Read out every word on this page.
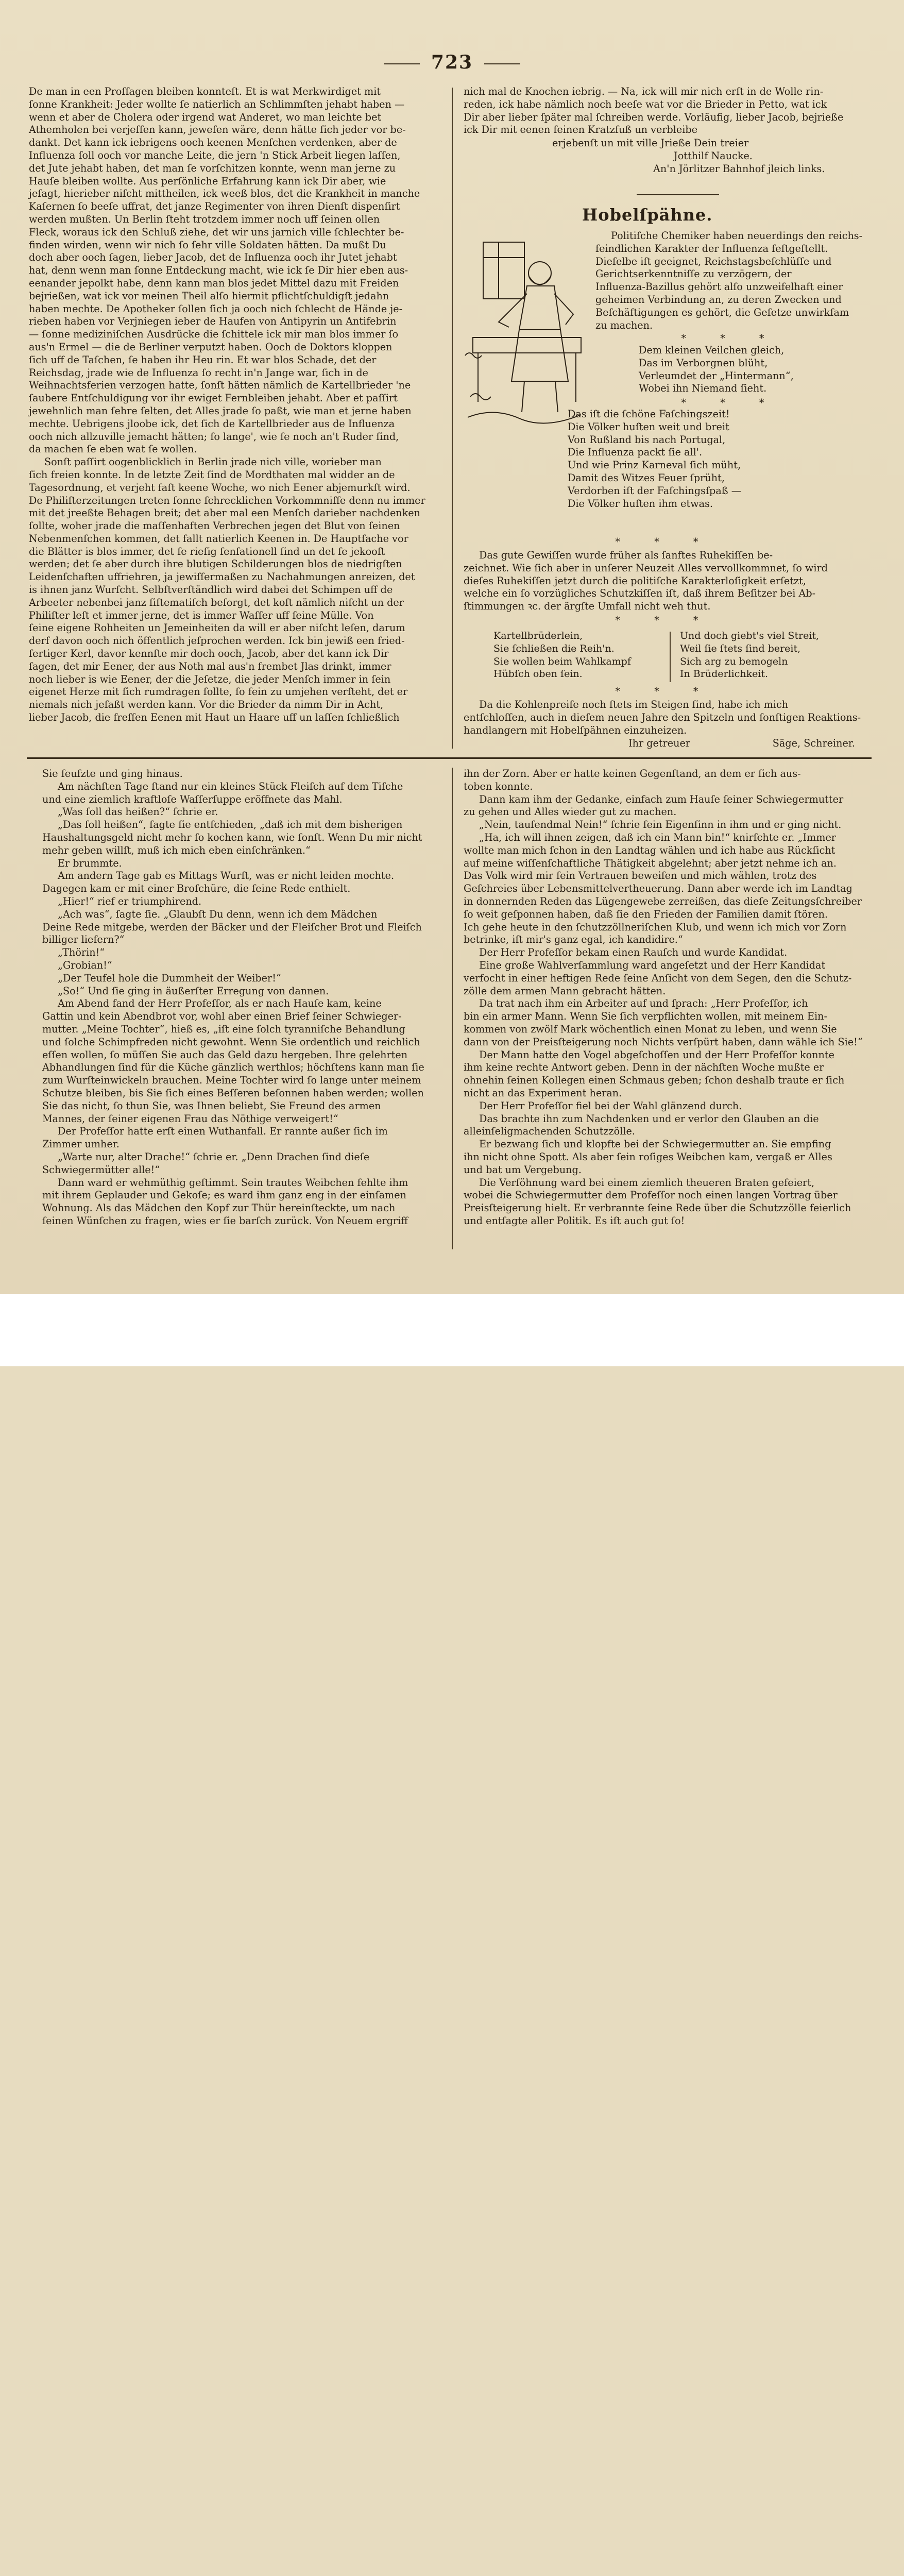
723
De man in een Proſſagen bleiben konnteſt. Et is wat Merkwirdiget mit
ſonne Krankheit: Jeder wollte ſe natierlich an Schlimmſten jehabt haben —
wenn et aber de Cholera oder irgend wat Anderet, wo man leichte bet
Athemholen bei verjeſſen kann, jeweſen wäre, denn hätte ſich jeder vor be-
dankt. Det kann ick iebrigens ooch keenen Menſchen verdenken, aber de
Influenza ſoll ooch vor manche Leite, die jern 'n Stick Arbeit liegen laſſen,
det Jute jehabt haben, det man ſe vorſchitzen konnte, wenn man jerne zu
Hauſe bleiben wollte. Aus perſönliche Erfahrung kann ick Dir aber, wie
jeſagt, hierieber niſcht mittheilen, ick weeß blos, det die Krankheit in manche
Kaſernen ſo beeſe uffrat, det janze Regimenter von ihren Dienſt dispenſirt
werden mußten. Un Berlin ſteht trotzdem immer noch uff ſeinen ollen
Fleck, woraus ick den Schluß ziehe, det wir uns jarnich ville ſchlechter be-
finden wirden, wenn wir nich ſo ſehr ville Soldaten hätten. Da mußt Du
doch aber ooch ſagen, lieber Jacob, det de Influenza ooch ihr Jutet jehabt
hat, denn wenn man ſonne Entdeckung macht, wie ick ſe Dir hier eben aus-
eenander jepolkt habe, denn kann man blos jedet Mittel dazu mit Freiden
bejrießen, wat ick vor meinen Theil alſo hiermit pflichtſchuldigſt jedahn
haben mechte. De Apotheker ſollen ſich ja ooch nich ſchlecht de Hände je-
rieben haben vor Verjniegen ieber de Haufen von Antipyrin un Antifebrin
— ſonne mediziniſchen Ausdrücke die ſchittele ick mir man blos immer ſo
aus'n Ermel — die de Berliner verputzt haben. Ooch de Doktors kloppen
ſich uff de Taſchen, ſe haben ihr Heu rin. Et war blos Schade, det der
Reichsdag, jrade wie de Influenza ſo recht in'n Jange war, ſich in de
Weihnachtsferien verzogen hatte, ſonſt hätten nämlich de Kartellbrieder 'ne
ſaubere Entſchuldigung vor ihr ewiget Fernbleiben jehabt. Aber et paſſirt
jewehnlich man ſehre ſelten, det Alles jrade ſo paßt, wie man et jerne haben
mechte. Uebrigens jloobe ick, det ſich de Kartellbrieder aus de Influenza
ooch nich allzuville jemacht hätten; ſo lange', wie ſe noch an't Ruder ſind,
da machen ſe eben wat ſe wollen.
Sonſt paſſirt oogenblicklich in Berlin jrade nich ville, worieber man
ſich freien konnte. In de letzte Zeit ſind de Mordthaten mal widder an de
Tagesordnung, et verjeht faſt keene Woche, wo nich Eener abjemurkſt wird.
De Philiſterzeitungen treten ſonne ſchrecklichen Vorkommniſſe denn nu immer
mit det jreeßte Behagen breit; det aber mal een Menſch darieber nachdenken
ſollte, woher jrade die maſſenhaften Verbrechen jegen det Blut von ſeinen
Nebenmenſchen kommen, det fallt natierlich Keenen in. De Hauptſache vor
die Blätter is blos immer, det ſe rieſig ſenſationell ſind un det ſe jekooft
werden; det ſe aber durch ihre blutigen Schilderungen blos de niedrigſten
Leidenſchaften uffriehren, ja jewiſſermaßen zu Nachahmungen anreizen, det
is ihnen janz Wurſcht. Selbſtverſtändlich wird dabei det Schimpen uff de
Arbeeter nebenbei janz ſiſtematiſch beſorgt, det koſt nämlich niſcht un der
Philiſter leſt et immer jerne, det is immer Waſſer uff ſeine Mülle. Von
ſeine eigene Rohheiten un Jemeinheiten da will er aber niſcht leſen, darum
derf davon ooch nich öffentlich jeſprochen werden. Ick bin jewiß een fried-
fertiger Kerl, davor kennſte mir doch ooch, Jacob, aber det kann ick Dir
ſagen, det mir Eener, der aus Noth mal aus'n frembet Jlas drinkt, immer
noch lieber is wie Eener, der die Jeſetze, die jeder Menſch immer in ſein
eigenet Herze mit ſich rumdragen ſollte, ſo fein zu umjehen verſteht, det er
niemals nich jefaßt werden kann. Vor die Brieder da nimm Dir in Acht,
lieber Jacob, die freſſen Eenen mit Haut un Haare uff un laſſen ſchließlich
nich mal de Knochen iebrig. — Na, ick will mir nich erſt in de Wolle rin-
reden, ick habe nämlich noch beeſe wat vor die Brieder in Petto, wat ick
Dir aber lieber ſpäter mal ſchreiben werde. Vorläufig, lieber Jacob, bejrieße
ick Dir mit eenen feinen Kratzfuß un verbleibe
erjebenſt un mit ville Jrieße Dein treier
Jotthilf Naucke.
An'n Jörlitzer Bahnhof jleich links.
Hobelſpähne.
Politiſche Chemiker haben neuerdings den reichs-
feindlichen Karakter der Influenza feſtgeſtellt.
Dieſelbe iſt geeignet, Reichstagsbeſchlüſſe und
Gerichtserkenntniſſe zu verzögern, der
Influenza-Bazillus gehört alſo unzweifelhaft einer
geheimen Verbindung an, zu deren Zwecken und
Beſchäftigungen es gehört, die Geſetze unwirkſam
zu machen.
* * *
Dem kleinen Veilchen gleich,
Das im Verborgnen blüht,
Verleumdet der „Hintermann“,
Wobei ihn Niemand ſieht.
* * *
Das iſt die ſchöne Faſchingszeit!
Die Völker huſten weit und breit
Von Rußland bis nach Portugal,
Die Influenza packt ſie all'.
Und wie Prinz Karneval ſich müht,
Damit des Witzes Feuer ſprüht,
Verdorben iſt der Faſchingsſpaß —
Die Völker huſten ihm etwas.
* * *
Das gute Gewiſſen wurde früher als ſanftes Ruhekiſſen be-
zeichnet. Wie ſich aber in unſerer Neuzeit Alles vervollkommnet, ſo wird
dieſes Ruhekiſſen jetzt durch die politiſche Karakterloſigkeit erſetzt,
welche ein ſo vorzügliches Schutzkiſſen iſt, daß ihrem Beſitzer bei Ab-
ſtimmungen ꝛc. der ärgſte Umfall nicht weh thut.
* * *
Kartellbrüderlein,
Sie ſchließen die Reih'n.
Sie wollen beim Wahlkampf
Hübſch oben ſein.
Und doch giebt's viel Streit,
Weil ſie ſtets ſind bereit,
Sich arg zu bemogeln
In Brüderlichkeit.
* * *
Da die Kohlenpreiſe noch ſtets im Steigen ſind, habe ich mich
entſchloſſen, auch in dieſem neuen Jahre den Spitzeln und ſonſtigen Reaktions-
handlangern mit Hobelſpähnen einzuheizen.
Ihr getreuer	Säge, Schreiner.
Sie ſeufzte und ging hinaus.
Am nächſten Tage ſtand nur ein kleines Stück Fleiſch auf dem Tiſche
und eine ziemlich kraftloſe Waſſerſuppe eröffnete das Mahl.
„Was ſoll das heißen?“ ſchrie er.
„Das ſoll heißen“, ſagte ſie entſchieden, „daß ich mit dem bisherigen
Haushaltungsgeld nicht mehr ſo kochen kann, wie ſonſt. Wenn Du mir nicht
mehr geben willſt, muß ich mich eben einſchränken.“
Er brummte.
Am andern Tage gab es Mittags Wurſt, was er nicht leiden mochte.
Dagegen kam er mit einer Broſchüre, die ſeine Rede enthielt.
„Hier!“ rief er triumphirend.
„Ach was“, ſagte ſie. „Glaubſt Du denn, wenn ich dem Mädchen
Deine Rede mitgebe, werden der Bäcker und der Fleiſcher Brot und Fleiſch
billiger liefern?“
„Thörin!“
„Grobian!“
„Der Teufel hole die Dummheit der Weiber!“
„So!“ Und ſie ging in äußerſter Erregung von dannen.
Am Abend fand der Herr Profeſſor, als er nach Hauſe kam, keine
Gattin und kein Abendbrot vor, wohl aber einen Brief ſeiner Schwieger-
mutter. „Meine Tochter“, hieß es, „iſt eine ſolch tyranniſche Behandlung
und ſolche Schimpfreden nicht gewohnt. Wenn Sie ordentlich und reichlich
eſſen wollen, ſo müſſen Sie auch das Geld dazu hergeben. Ihre gelehrten
Abhandlungen ſind für die Küche gänzlich werthlos; höchſtens kann man ſie
zum Wurſteinwickeln brauchen. Meine Tochter wird ſo lange unter meinem
Schutze bleiben, bis Sie ſich eines Beſſeren beſonnen haben werden; wollen
Sie das nicht, ſo thun Sie, was Ihnen beliebt, Sie Freund des armen
Mannes, der ſeiner eigenen Frau das Nöthige verweigert!“
Der Profeſſor hatte erſt einen Wuthanfall. Er rannte außer ſich im
Zimmer umher.
„Warte nur, alter Drache!“ ſchrie er. „Denn Drachen ſind dieſe
Schwiegermütter alle!“
Dann ward er wehmüthig geſtimmt. Sein trautes Weibchen fehlte ihm
mit ihrem Geplauder und Gekoſe; es ward ihm ganz eng in der einſamen
Wohnung. Als das Mädchen den Kopf zur Thür hereinſteckte, um nach
ſeinen Wünſchen zu fragen, wies er ſie barſch zurück. Von Neuem ergriff
ihn der Zorn. Aber er hatte keinen Gegenſtand, an dem er ſich aus-
toben konnte.
Dann kam ihm der Gedanke, einfach zum Hauſe ſeiner Schwiegermutter
zu gehen und Alles wieder gut zu machen.
„Nein, tauſendmal Nein!“ ſchrie ſein Eigenſinn in ihm und er ging nicht.
„Ha, ich will ihnen zeigen, daß ich ein Mann bin!“ knirſchte er. „Immer
wollte man mich ſchon in den Landtag wählen und ich habe aus Rückſicht
auf meine wiſſenſchaftliche Thätigkeit abgelehnt; aber jetzt nehme ich an.
Das Volk wird mir ſein Vertrauen beweiſen und mich wählen, trotz des
Geſchreies über Lebensmittelvertheuerung. Dann aber werde ich im Landtag
in donnernden Reden das Lügengewebe zerreißen, das dieſe Zeitungsſchreiber
ſo weit geſponnen haben, daß ſie den Frieden der Familien damit ſtören.
Ich gehe heute in den ſchutzzöllneriſchen Klub, und wenn ich mich vor Zorn
betrinke, iſt mir's ganz egal, ich kandidire.“
Der Herr Profeſſor bekam einen Rauſch und wurde Kandidat.
Eine große Wahlverſammlung ward angeſetzt und der Herr Kandidat
verfocht in einer heftigen Rede ſeine Anſicht von dem Segen, den die Schutz-
zölle dem armen Mann gebracht hätten.
Da trat nach ihm ein Arbeiter auf und ſprach: „Herr Profeſſor, ich
bin ein armer Mann. Wenn Sie ſich verpflichten wollen, mit meinem Ein-
kommen von zwölf Mark wöchentlich einen Monat zu leben, und wenn Sie
dann von der Preisſteigerung noch Nichts verſpürt haben, dann wähle ich Sie!“
Der Mann hatte den Vogel abgeſchoſſen und der Herr Profeſſor konnte
ihm keine rechte Antwort geben. Denn in der nächſten Woche mußte er
ohnehin ſeinen Kollegen einen Schmaus geben; ſchon deshalb traute er ſich
nicht an das Experiment heran.
Der Herr Profeſſor fiel bei der Wahl glänzend durch.
Das brachte ihn zum Nachdenken und er verlor den Glauben an die
alleinſeligmachenden Schutzzölle.
Er bezwang ſich und klopfte bei der Schwiegermutter an. Sie empfing
ihn nicht ohne Spott. Als aber ſein roſiges Weibchen kam, vergaß er Alles
und bat um Vergebung.
Die Verſöhnung ward bei einem ziemlich theueren Braten gefeiert,
wobei die Schwiegermutter dem Profeſſor noch einen langen Vortrag über
Preisſteigerung hielt. Er verbrannte ſeine Rede über die Schutzzölle feierlich
und entſagte aller Politik. Es iſt auch gut ſo!
